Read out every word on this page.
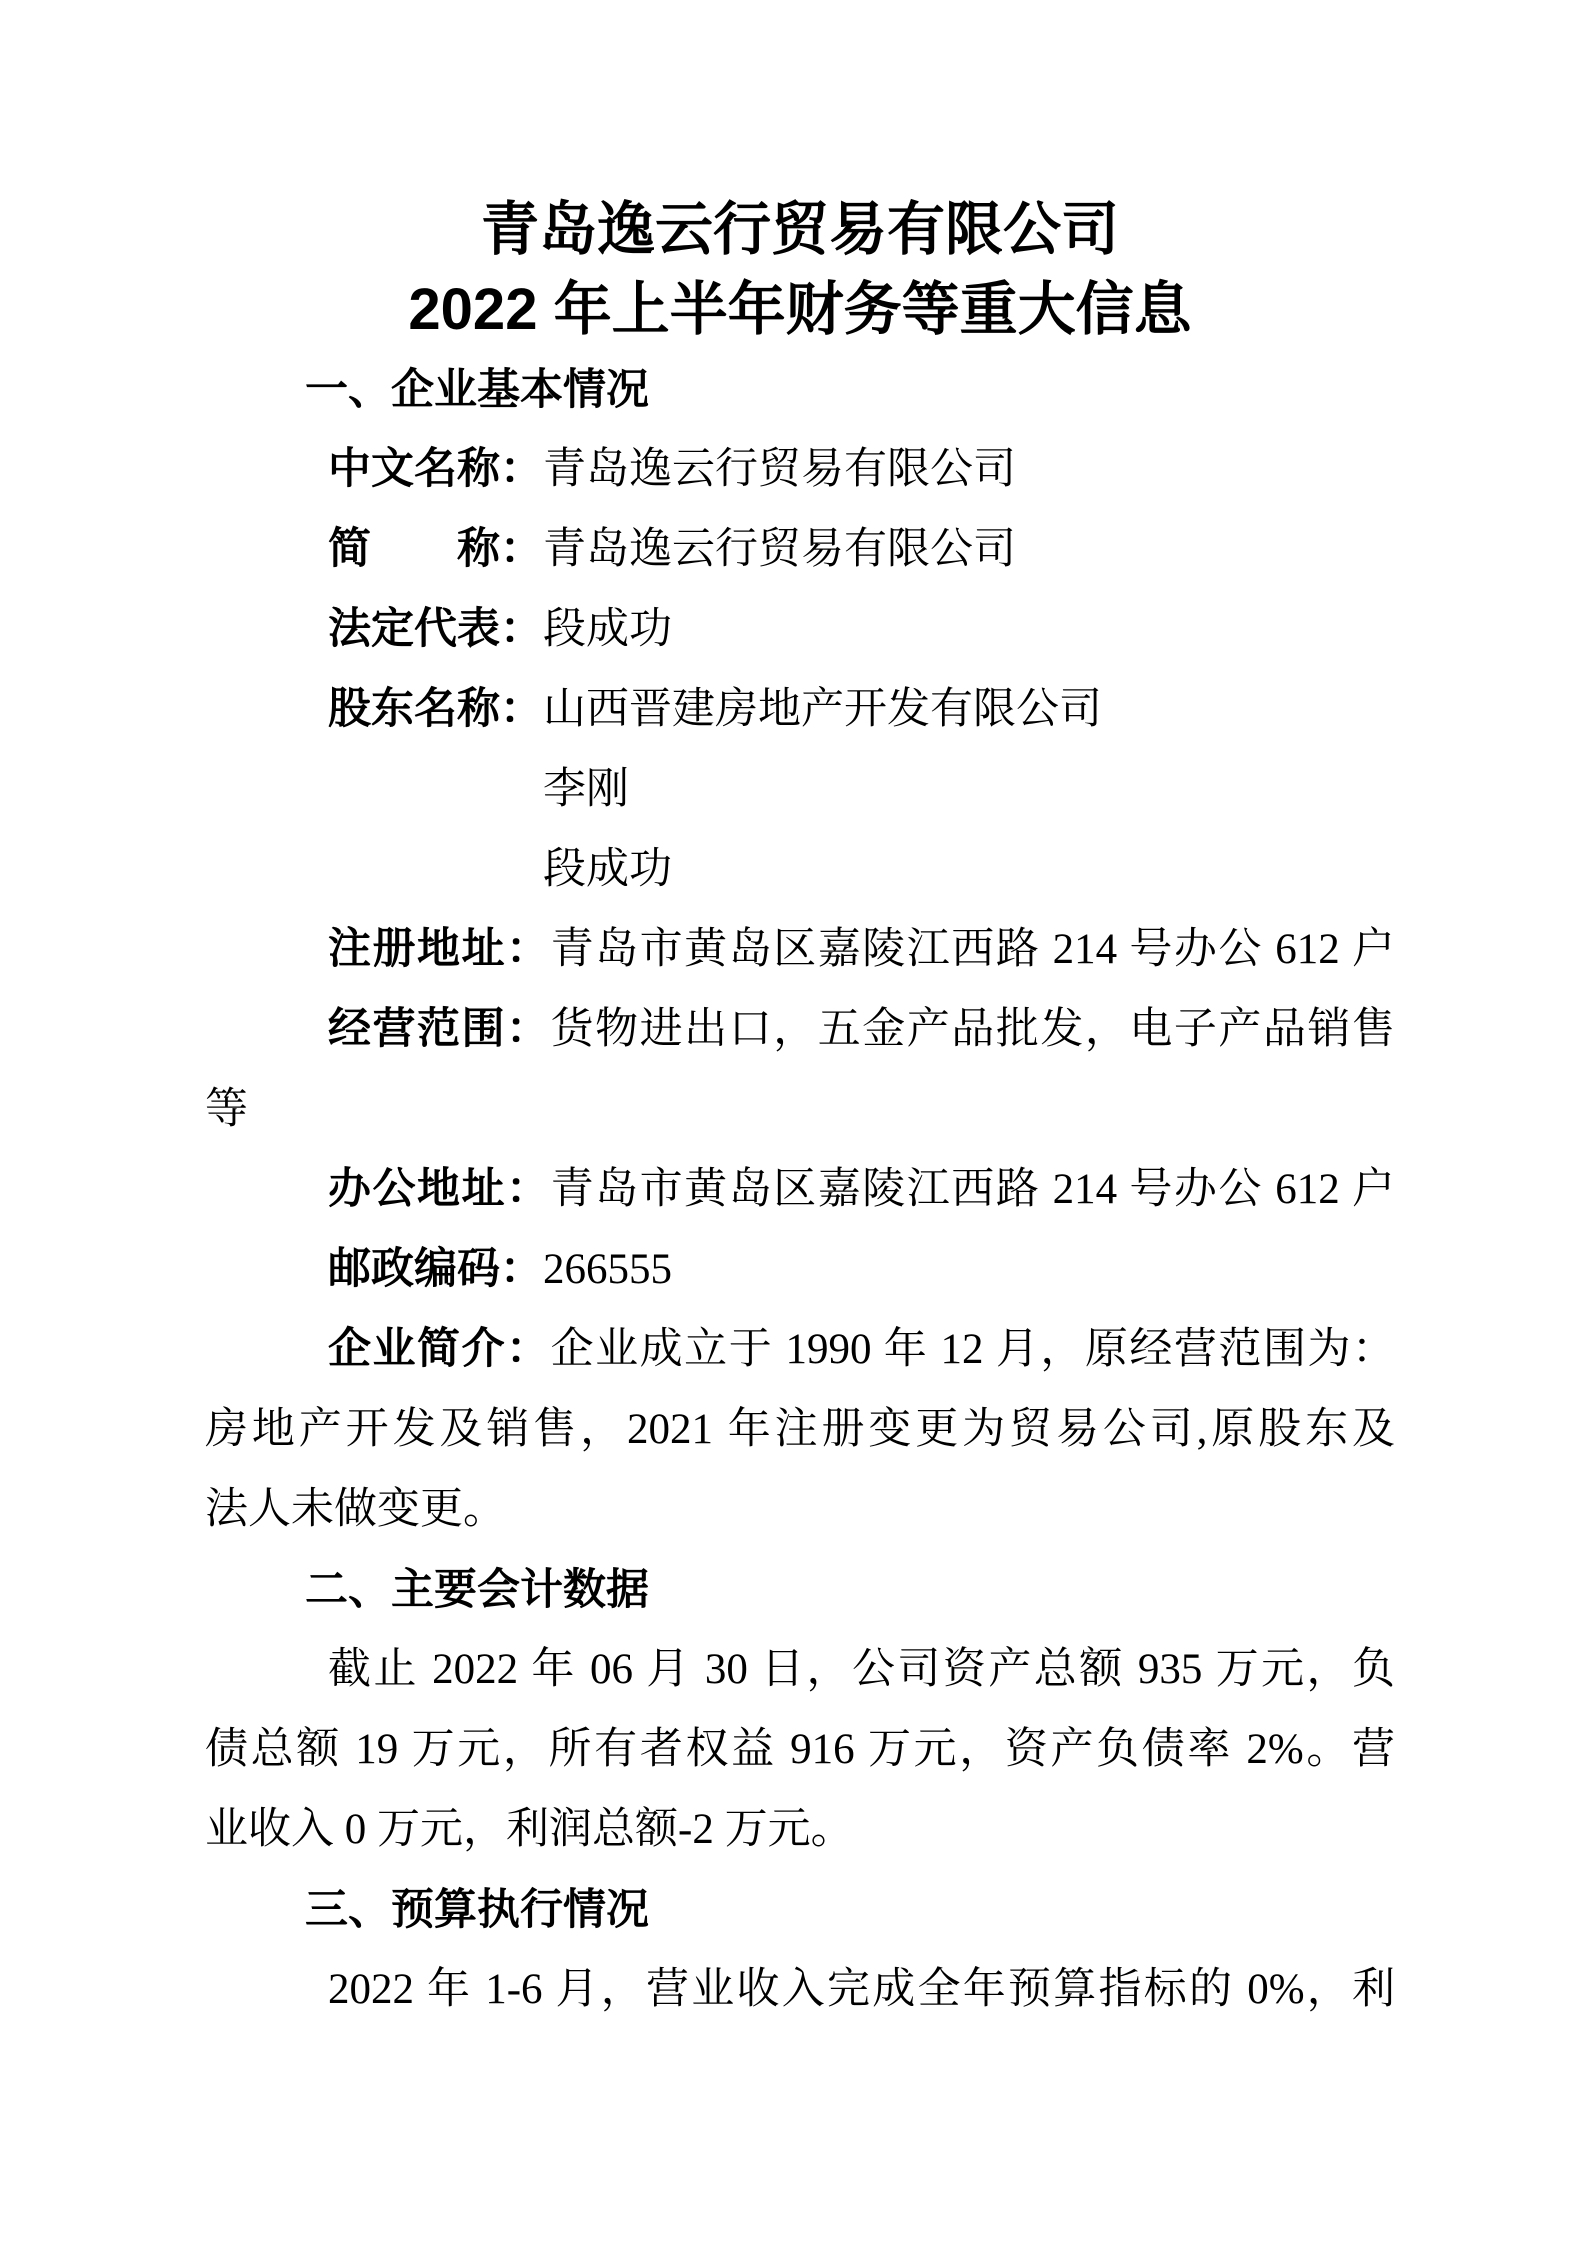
青岛逸云行贸易有限公司
2022 年上半年财务等重大信息
一、企业基本情况
中文名称：青岛逸云行贸易有限公司
简　　称：青岛逸云行贸易有限公司
法定代表：段成功
股东名称：山西晋建房地产开发有限公司
李刚
段成功
注册地址：青岛市黄岛区嘉陵江西路 214 号办公 612 户
经营范围：货物进出口，五金产品批发，电子产品销售
等
办公地址：青岛市黄岛区嘉陵江西路 214 号办公 612 户
邮政编码：266555
企业简介：企业成立于 1990 年 12 月，原经营范围为：
房地产开发及销售，2021 年注册变更为贸易公司,原股东及
法人未做变更。
二、主要会计数据
截止 2022 年 06 月 30 日，公司资产总额 935 万元，负
债总额 19 万元，所有者权益 916 万元，资产负债率 2%。营
业收入 0 万元，利润总额-2 万元。
三、预算执行情况
2022 年 1-6 月，营业收入完成全年预算指标的 0%，利
